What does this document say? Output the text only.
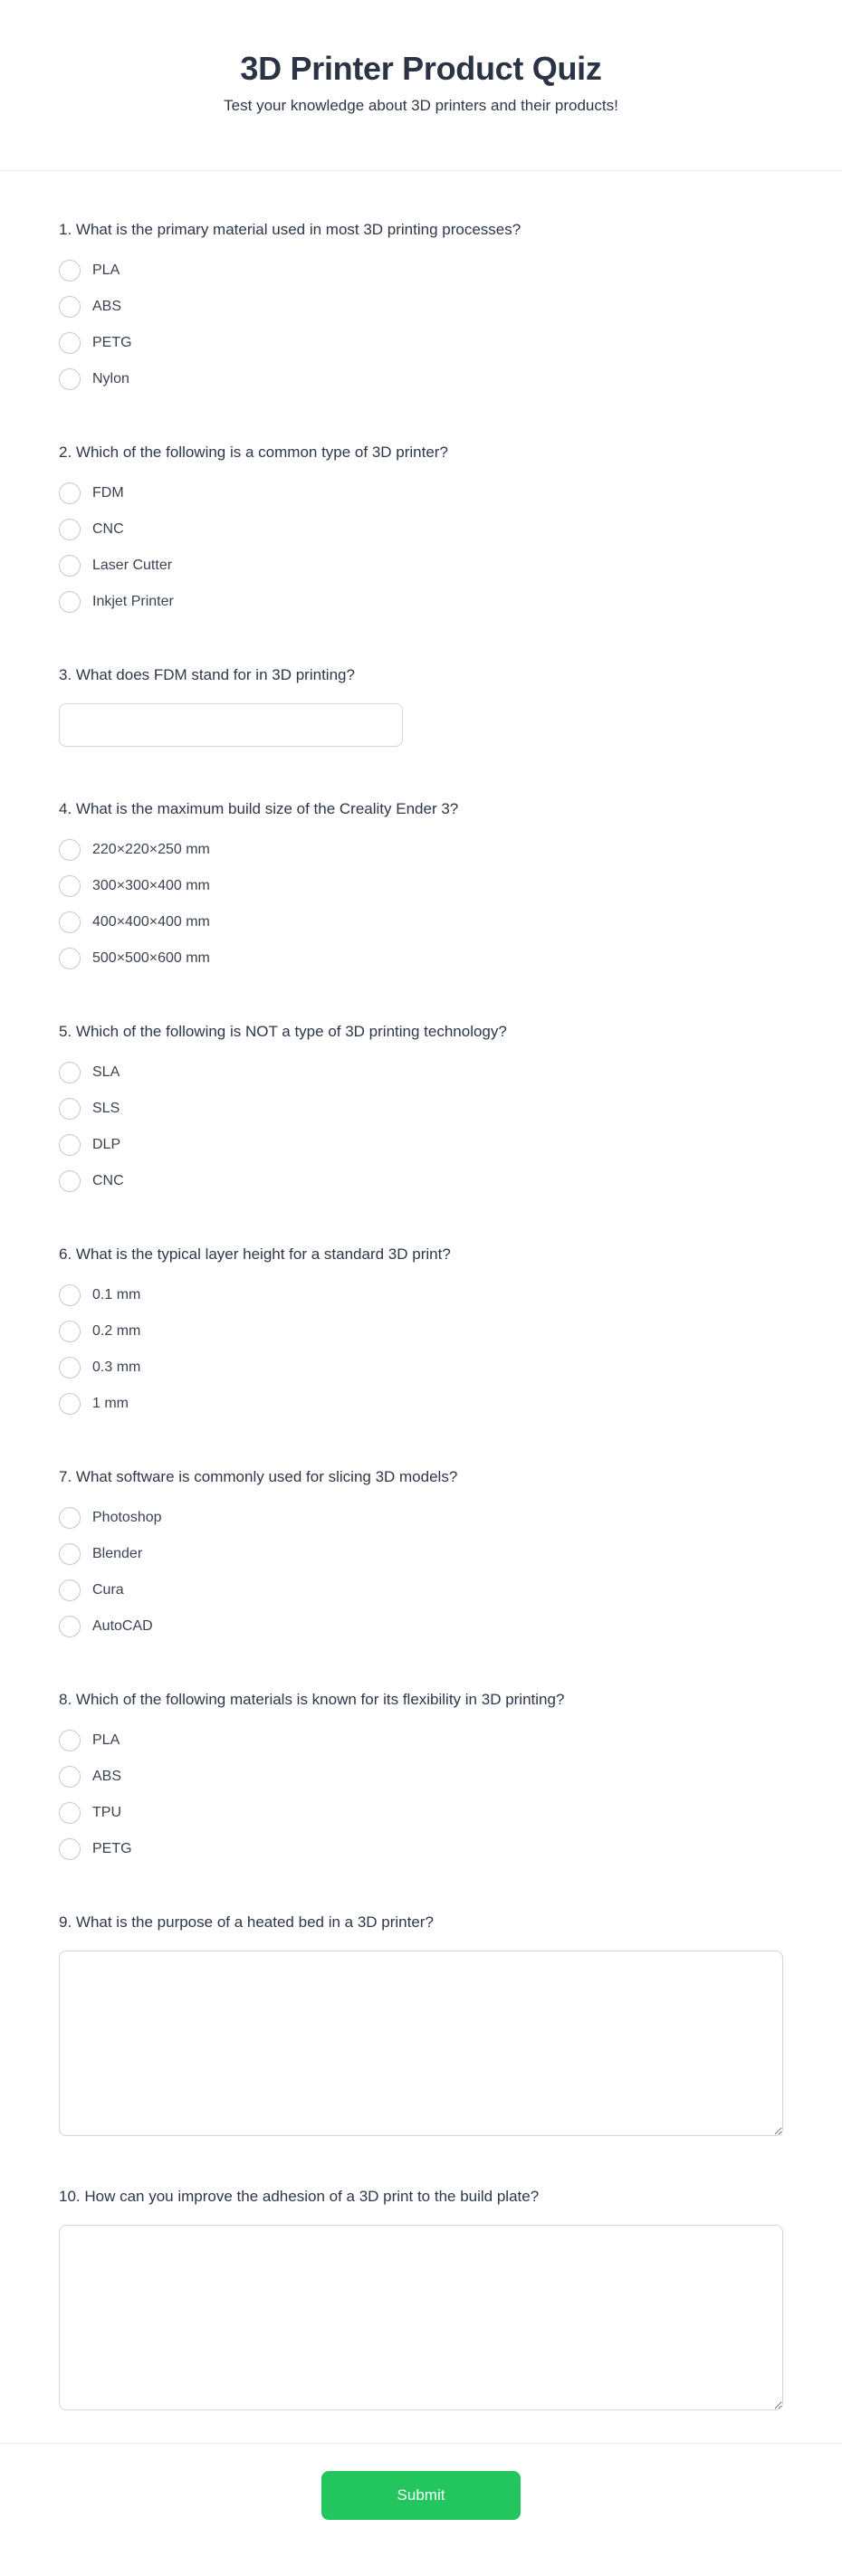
3D Printer Product Quiz
Test your knowledge about 3D printers and their products!
1. What is the primary material used in most 3D printing processes?
PLA
ABS
PETG
Nylon
2. Which of the following is a common type of 3D printer?
FDM
CNC
Laser Cutter
Inkjet Printer
3. What does FDM stand for in 3D printing?
4. What is the maximum build size of the Creality Ender 3?
220×220×250 mm
300×300×400 mm
400×400×400 mm
500×500×600 mm
5. Which of the following is NOT a type of 3D printing technology?
SLA
SLS
DLP
CNC
6. What is the typical layer height for a standard 3D print?
0.1 mm
0.2 mm
0.3 mm
1 mm
7. What software is commonly used for slicing 3D models?
Photoshop
Blender
Cura
AutoCAD
8. Which of the following materials is known for its flexibility in 3D printing?
PLA
ABS
TPU
PETG
9. What is the purpose of a heated bed in a 3D printer?
10. How can you improve the adhesion of a 3D print to the build plate?
Submit
